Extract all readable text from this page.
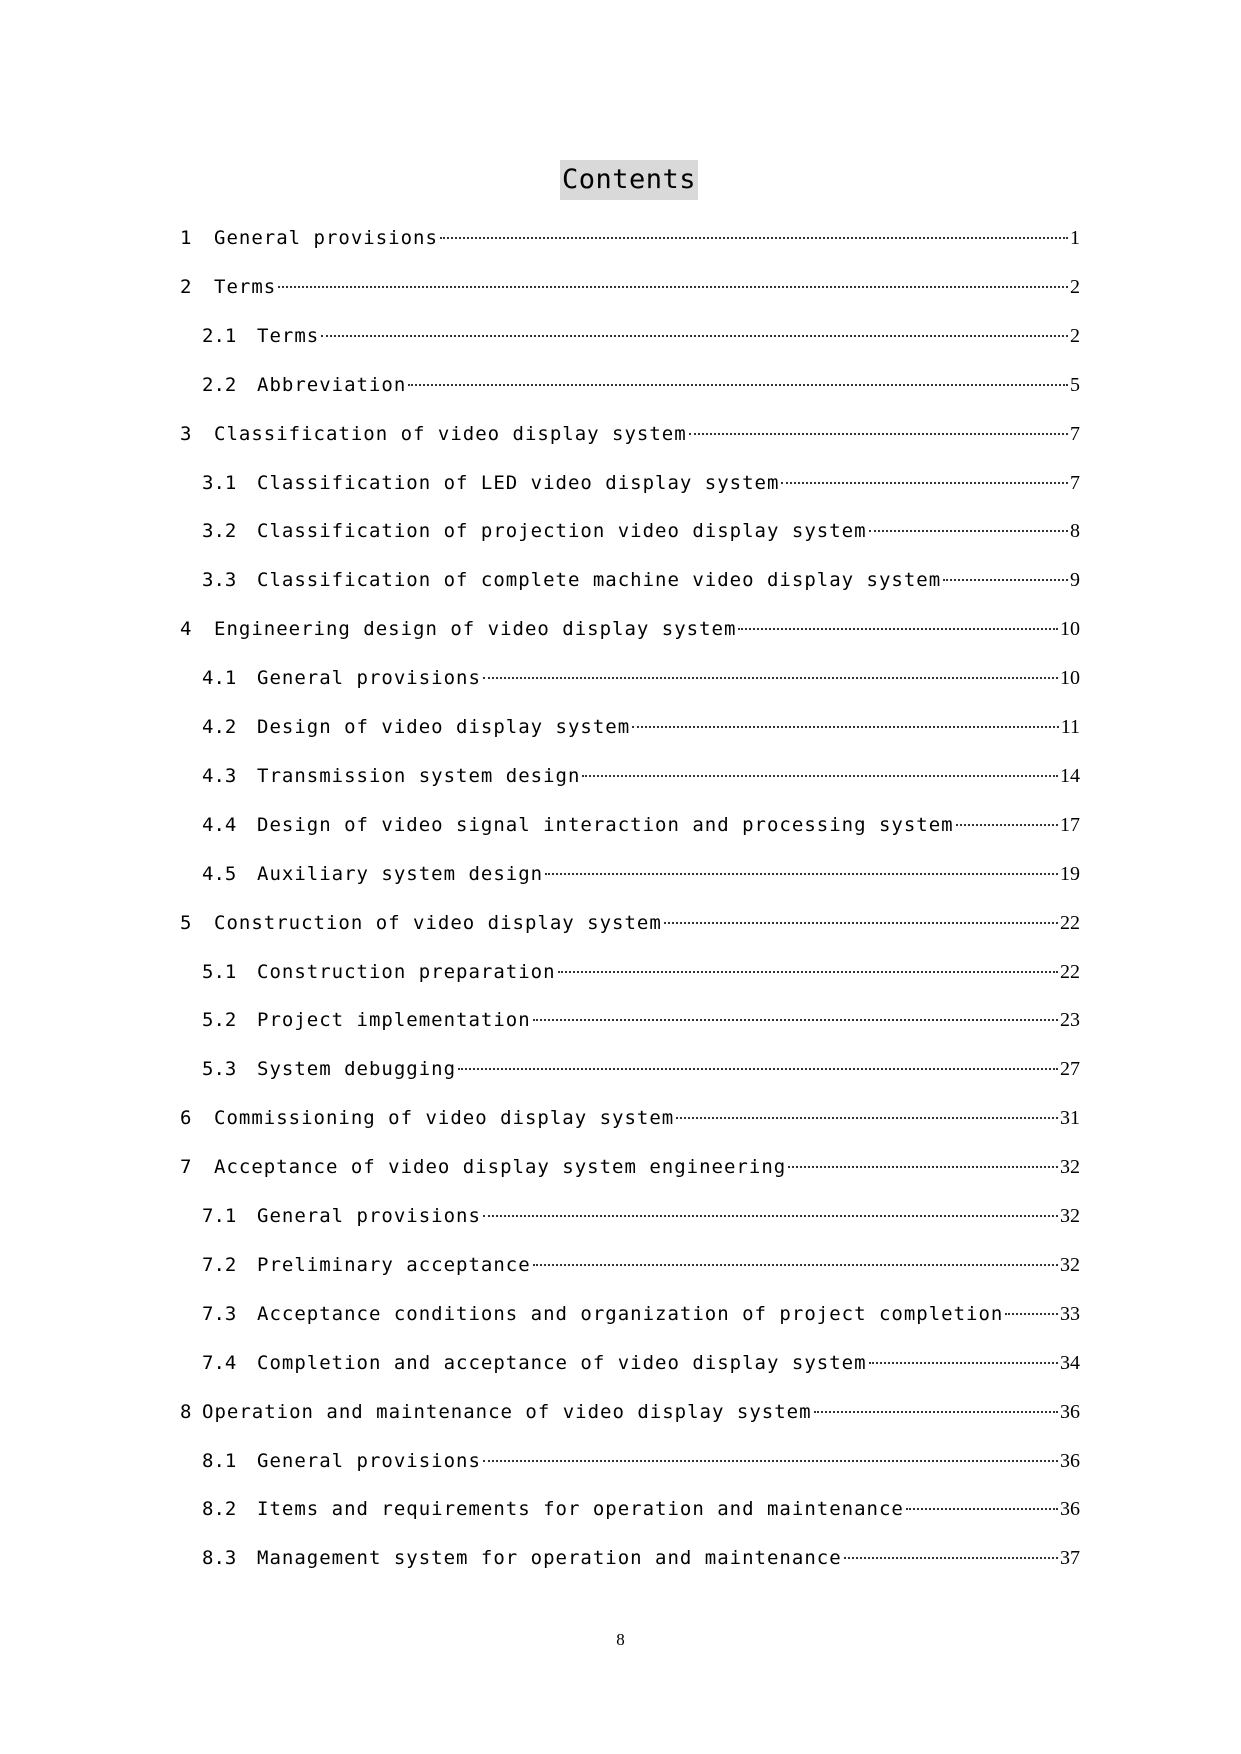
Contents
1	General provisions	1
2	Terms	2
2.1	Terms	2
2.2	Abbreviation	5
3	Classification of video display system	7
3.1	Classification of LED video display system	7
3.2	Classification of projection video display system	8
3.3	Classification of complete machine video display system	9
4	Engineering design of video display system	10
4.1	General provisions	10
4.2	Design of video display system	11
4.3	Transmission system design	14
4.4	Design of video signal interaction and processing system	17
4.5	Auxiliary system design	19
5	Construction of video display system	22
5.1	Construction preparation	22
5.2	Project implementation	23
5.3	System debugging	27
6	Commissioning of video display system	31
7	Acceptance of video display system engineering	32
7.1	General provisions	32
7.2	Preliminary acceptance	32
7.3	Acceptance conditions and organization of project completion	33
7.4	Completion and acceptance of video display system	34
8 Operation and maintenance of video display system	36
8.1	General provisions	36
8.2	Items and requirements for operation and maintenance	36
8.3	Management system for operation and maintenance	37
8
